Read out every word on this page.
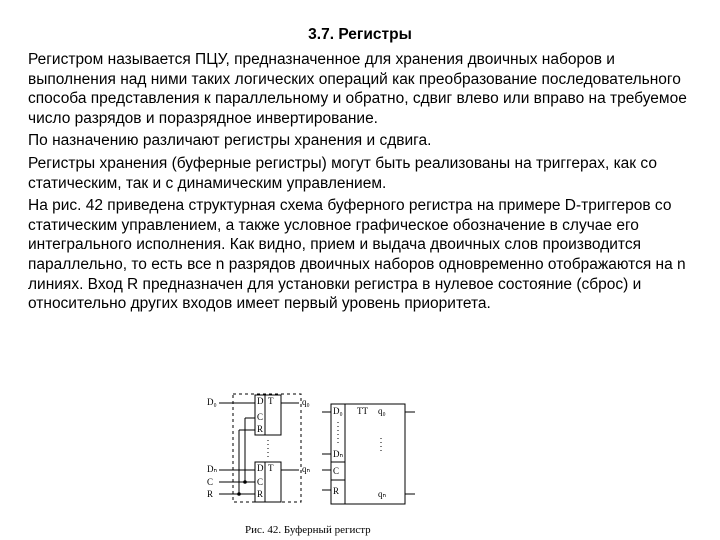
3.7. Регистры

Регистром называется ПЦУ, предназначенное для хранения двоичных наборов и выполнения над ними таких логических операций как преобразование последовательного способа представления к параллельному и обратно, сдвиг влево или вправо на требуемое число разрядов и поразрядное инвертирование.

По назначению различают регистры хранения и сдвига.

Регистры хранения (буферные регистры) могут быть реализованы на триггерах, как со статическим, так и с динамическим управлением.

На рис. 42 приведена структурная схема буферного регистра на примере D-триггеров со статическим управлением, а также условное графическое обозначение в случае его интегрального исполнения. Как видно, прием и выдача двоичных слов производится параллельно, то есть все n разрядов двоичных наборов одновременно отображаются на n линиях. Вход R предназначен для установки регистра в нулевое состояние (сброс) и относительно других входов имеет первый уровень приоритета.

D₀
Dₙ
C
R
q₀
qₙ
T
D
C
R
T
D
C
R
D₀ TT q₀
Dₙ
C
R	qₙ
Рис. 42. Буферный регистр
